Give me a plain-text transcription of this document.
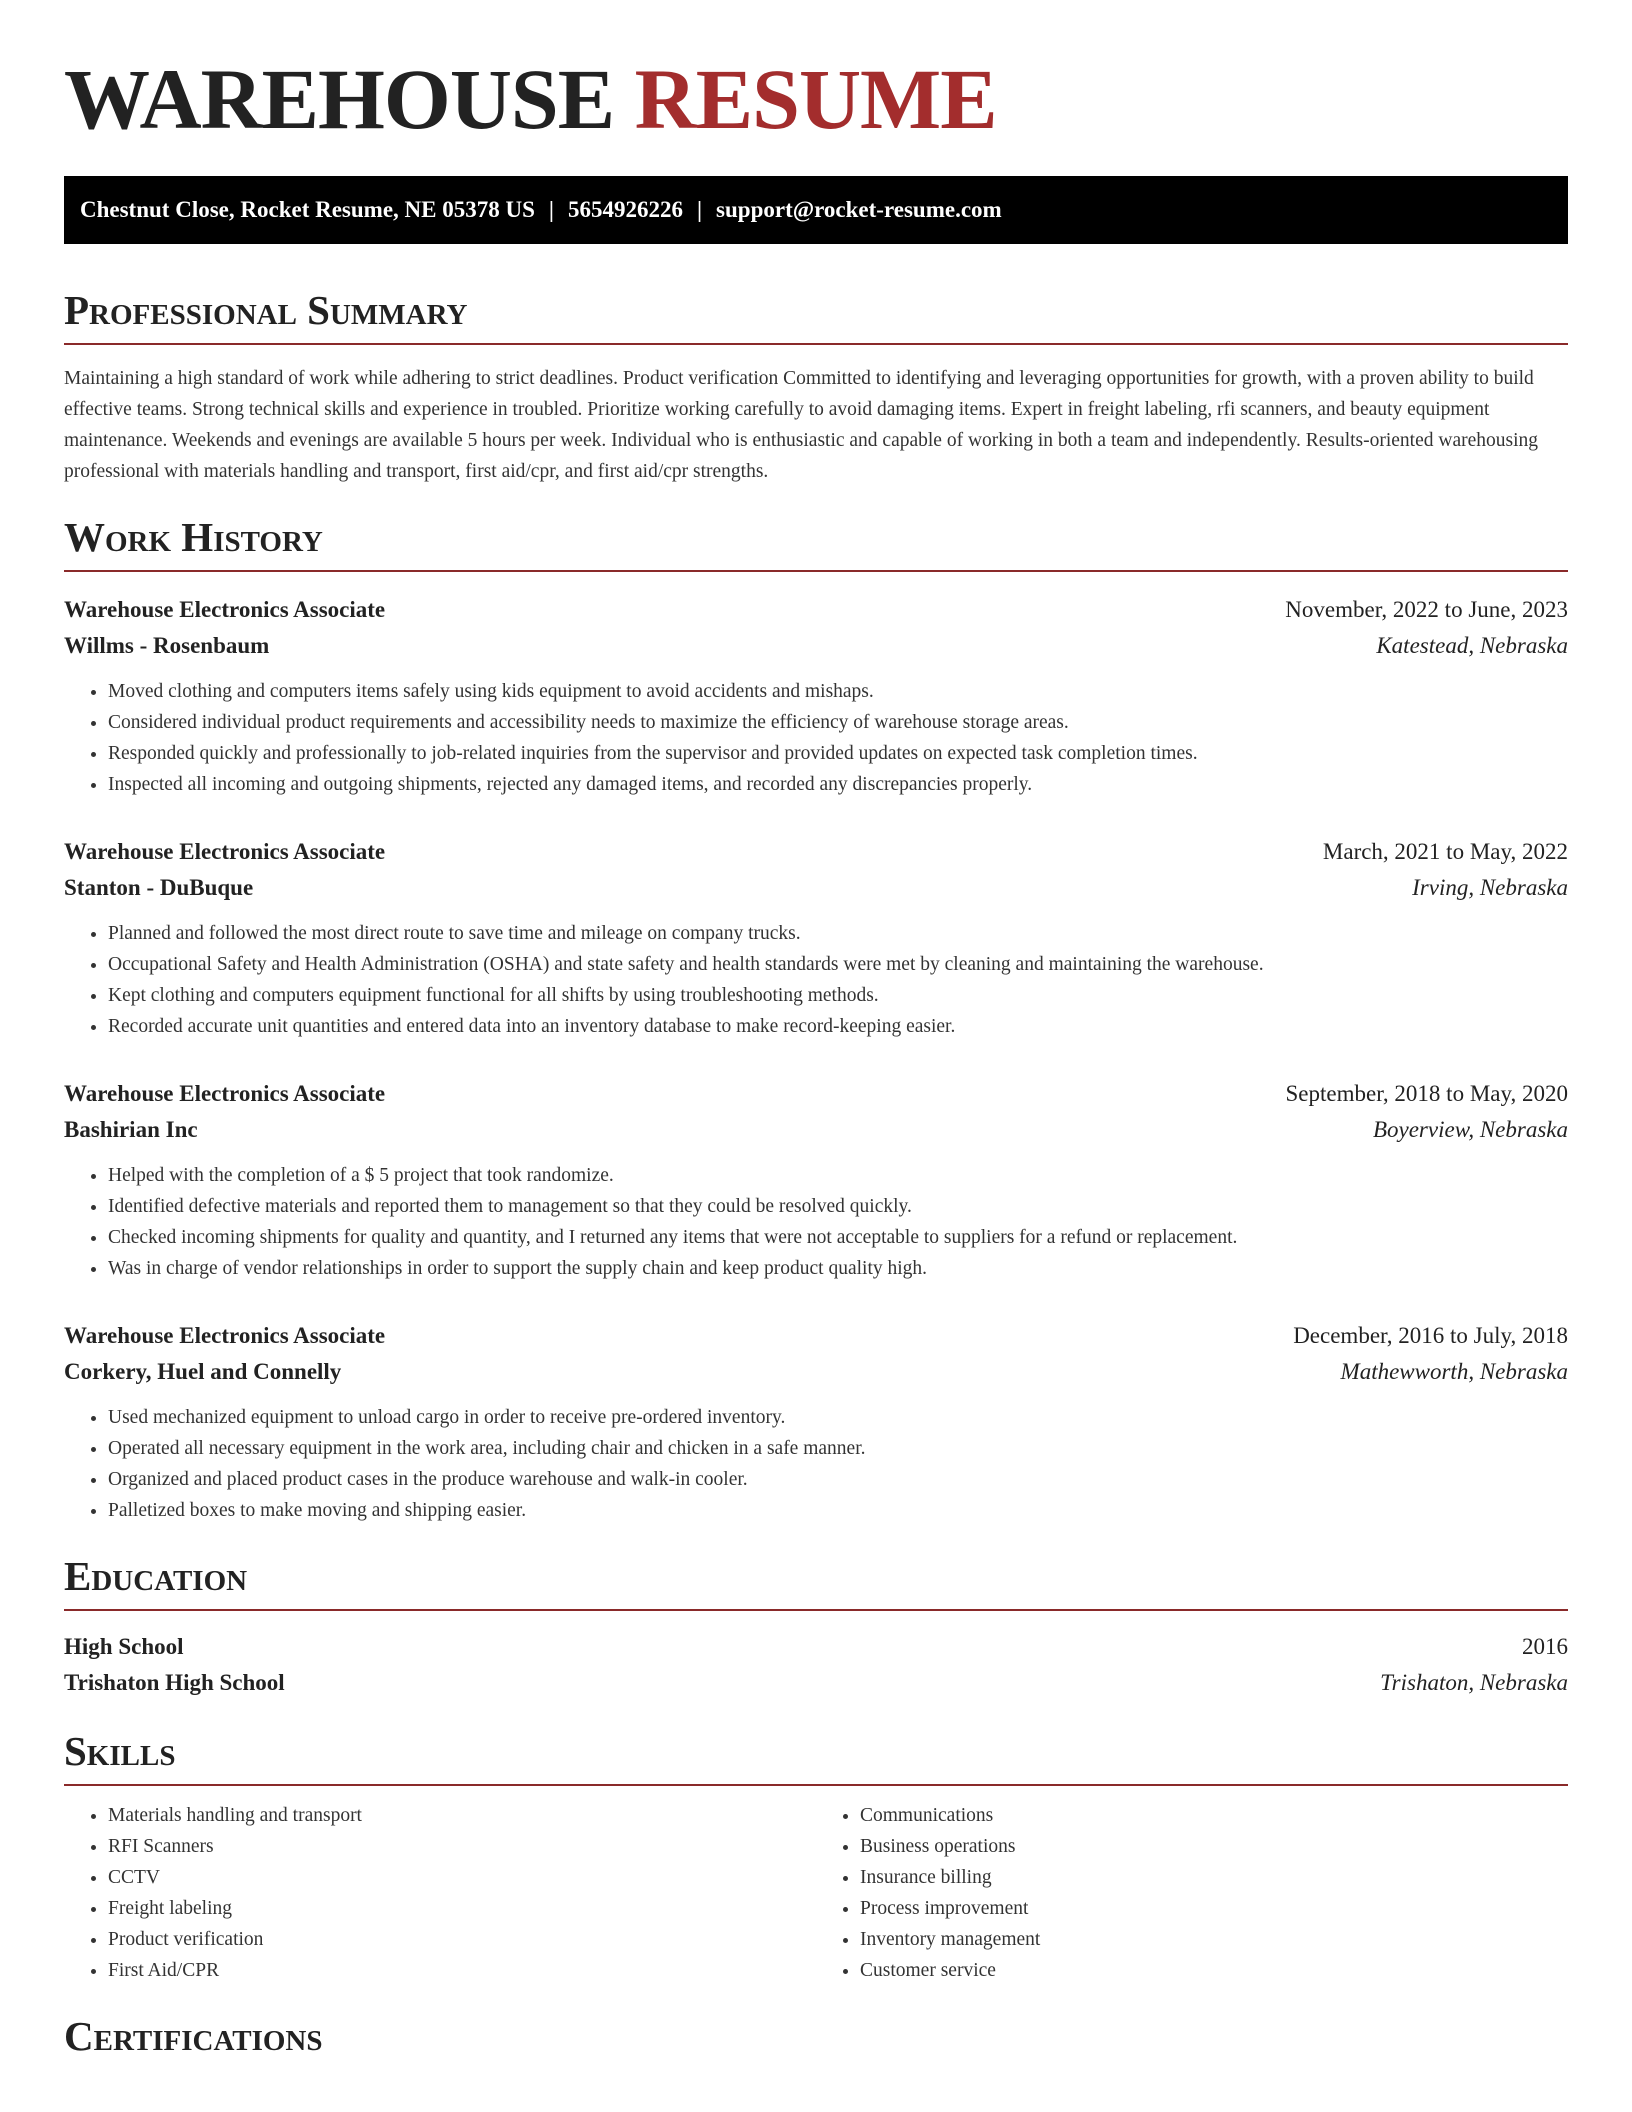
WAREHOUSE RESUME
Chestnut Close, Rocket Resume, NE 05378 US | 5654926226 | support@rocket-resume.com
Professional Summary

Maintaining a high standard of work while adhering to strict deadlines. Product verification Committed to identifying and leveraging opportunities for growth, with a proven ability to build effective teams. Strong technical skills and experience in troubled. Prioritize working carefully to avoid damaging items. Expert in freight labeling, rfi scanners, and beauty equipment maintenance. Weekends and evenings are available 5 hours per week. Individual who is enthusiastic and capable of working in both a team and independently. Results-oriented warehousing professional with materials handling and transport, first aid/cpr, and first aid/cpr strengths.

Work History
Warehouse Electronics Associate	November, 2022 to June, 2023
Willms - Rosenbaum	Katestead, Nebraska
• Moved clothing and computers items safely using kids equipment to avoid accidents and mishaps.
• Considered individual product requirements and accessibility needs to maximize the efficiency of warehouse storage areas.
• Responded quickly and professionally to job-related inquiries from the supervisor and provided updates on expected task completion times.
• Inspected all incoming and outgoing shipments, rejected any damaged items, and recorded any discrepancies properly.
Warehouse Electronics Associate	March, 2021 to May, 2022
Stanton - DuBuque	Irving, Nebraska
• Planned and followed the most direct route to save time and mileage on company trucks.
• Occupational Safety and Health Administration (OSHA) and state safety and health standards were met by cleaning and maintaining the warehouse.
• Kept clothing and computers equipment functional for all shifts by using troubleshooting methods.
• Recorded accurate unit quantities and entered data into an inventory database to make record-keeping easier.
Warehouse Electronics Associate	September, 2018 to May, 2020
Bashirian Inc	Boyerview, Nebraska
• Helped with the completion of a $ 5 project that took randomize.
• Identified defective materials and reported them to management so that they could be resolved quickly.
• Checked incoming shipments for quality and quantity, and I returned any items that were not acceptable to suppliers for a refund or replacement.
• Was in charge of vendor relationships in order to support the supply chain and keep product quality high.
Warehouse Electronics Associate	December, 2016 to July, 2018
Corkery, Huel and Connelly	Mathewworth, Nebraska
• Used mechanized equipment to unload cargo in order to receive pre-ordered inventory.
• Operated all necessary equipment in the work area, including chair and chicken in a safe manner.
• Organized and placed product cases in the produce warehouse and walk-in cooler.
• Palletized boxes to make moving and shipping easier.
Education
High School	2016
Trishaton High School	Trishaton, Nebraska
Skills
• Materials handling and transport
• RFI Scanners
• CCTV
• Freight labeling
• Product verification
• First Aid/CPR
• Communications
• Business operations
• Insurance billing
• Process improvement
• Inventory management
• Customer service
Certifications
